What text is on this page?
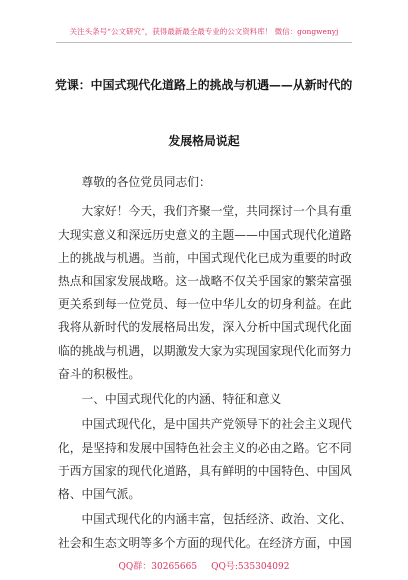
关注头条号“公文研究”，获得最新最全最专业的公文资料库！ 微信：gongwenyj
党课：中国式现代化道路上的挑战与机遇——从新时代的
发展格局说起
尊敬的各位党员同志们：
大家好！今天，我们齐聚一堂，共同探讨一个具有重
大现实意义和深远历史意义的主题——中国式现代化道路
上的挑战与机遇。当前，中国式现代化已成为重要的时政
热点和国家发展战略。这一战略不仅关乎国家的繁荣富强
更关系到每一位党员、每一位中华儿女的切身利益。在此
我将从新时代的发展格局出发，深入分析中国式现代化面
临的挑战与机遇，以期激发大家为实现国家现代化而努力
奋斗的积极性。
一、中国式现代化的内涵、特征和意义
中国式现代化，是中国共产党领导下的社会主义现代
化，是坚持和发展中国特色社会主义的必由之路。它不同
于西方国家的现代化道路，具有鲜明的中国特色、中国风
格、中国气派。
中国式现代化的内涵丰富，包括经济、政治、文化、
社会和生态文明等多个方面的现代化。在经济方面，中国
QQ群：30265665 QQ号:535304092
